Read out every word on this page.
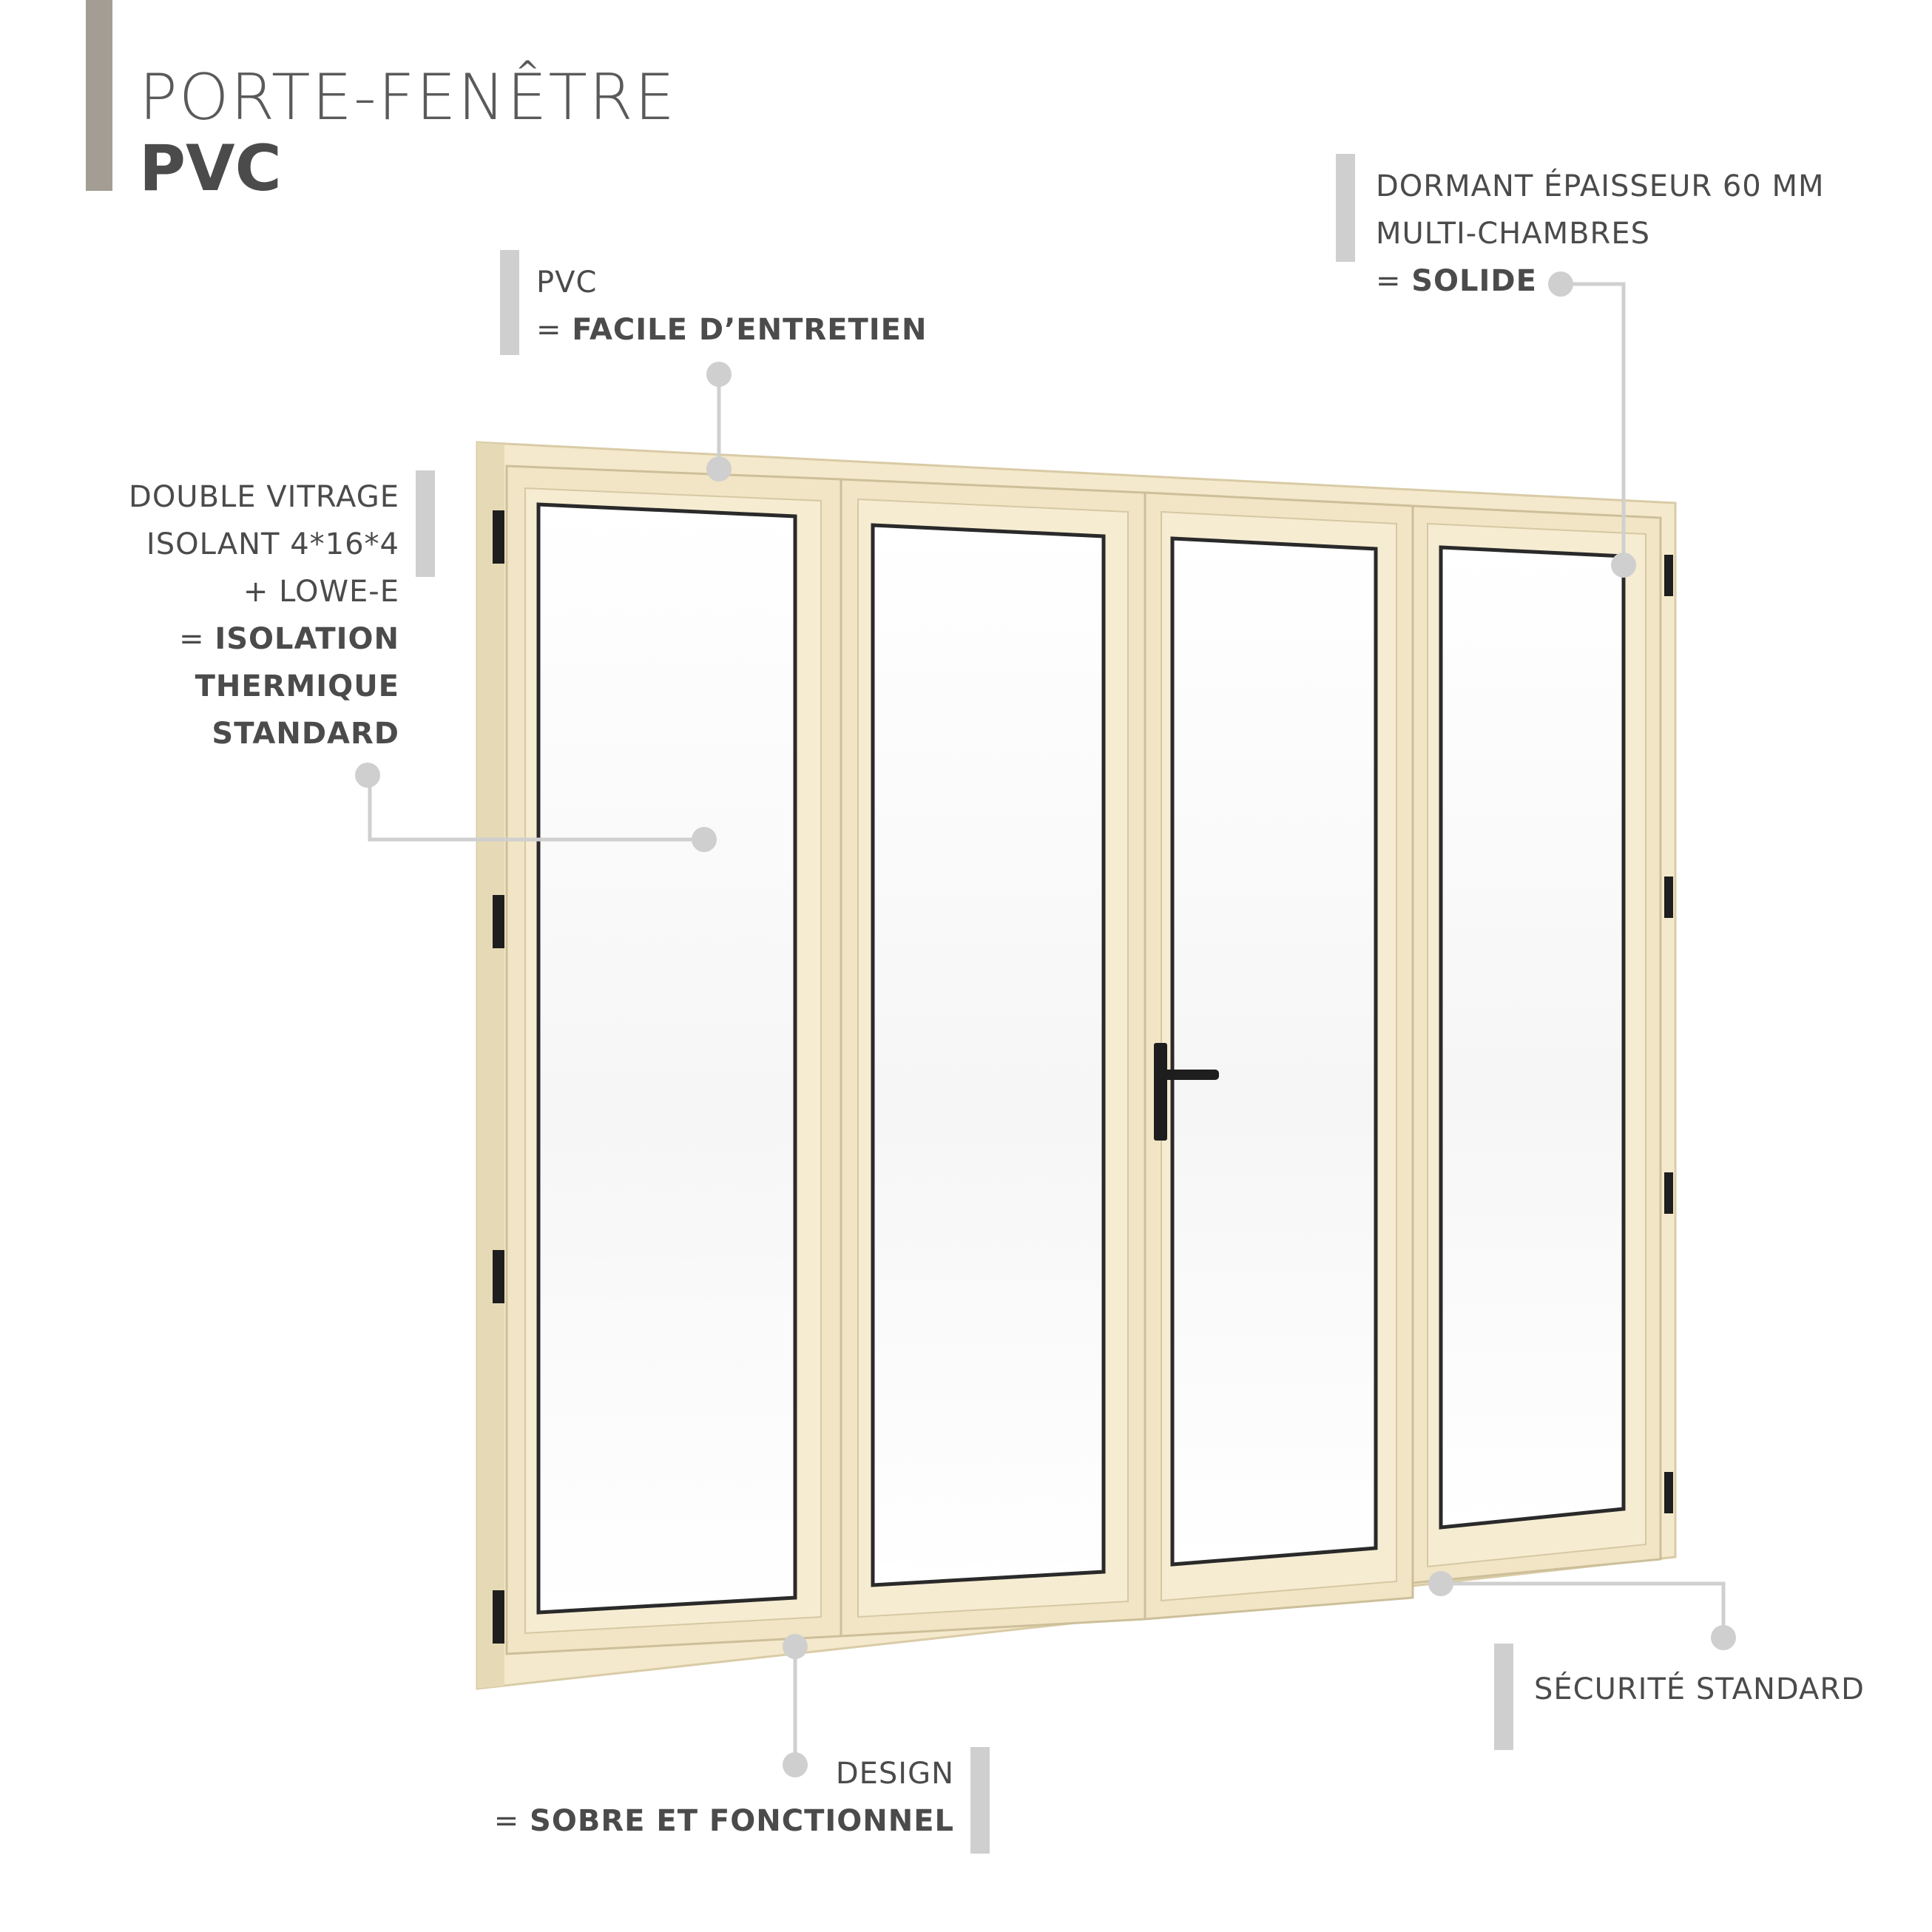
PORTE-FENÊTRE
PVC
PVC
= FACILE D’ENTRETIEN
DORMANT ÉPAISSEUR 60 MM
MULTI-CHAMBRES
= SOLIDE
DOUBLE VITRAGE
ISOLANT 4*16*4
+ LOWE-E
= ISOLATION
THERMIQUE
STANDARD
SÉCURITÉ STANDARD
DESIGN
= SOBRE ET FONCTIONNEL
